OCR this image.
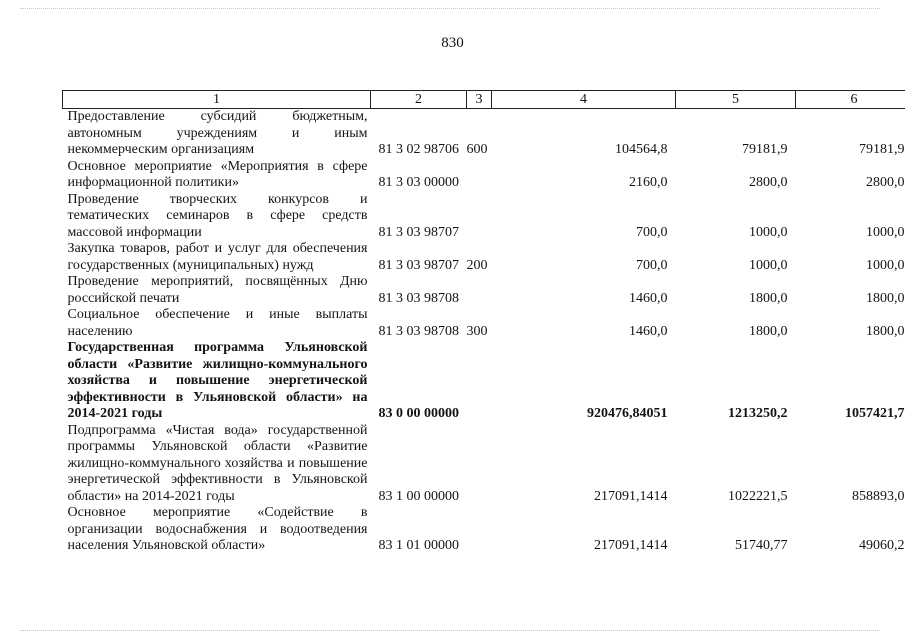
830
1	2	3	4	5	6
Предоставление субсидий бюджетным, автономным учреждениям и иным некоммерческим организациям	81 3 02 98706	600	104564,8	79181,9	79181,9
Основное мероприятие «Мероприятия в сфере информационной политики»	81 3 03 00000		2160,0	2800,0	2800,0
Проведение творческих конкурсов и тематических семинаров в сфере средств массовой информации	81 3 03 98707		700,0	1000,0	1000,0
Закупка товаров, работ и услуг для обеспечения государственных (муниципальных) нужд	81 3 03 98707	200	700,0	1000,0	1000,0
Проведение мероприятий, посвящённых Дню российской печати	81 3 03 98708		1460,0	1800,0	1800,0
Социальное обеспечение и иные выплаты населению	81 3 03 98708	300	1460,0	1800,0	1800,0
Государственная программа Ульяновской области «Развитие жилищно-коммунального хозяйства и повышение энергетической эффективности в Ульяновской области» на 2014-2021 годы	83 0 00 00000		920476,84051	1213250,2	1057421,7
Подпрограмма «Чистая вода» государственной программы Ульяновской области «Развитие жилищно-коммунального хозяйства и повышение энергетической эффективности в Ульяновской области» на 2014-2021 годы	83 1 00 00000		217091,1414	1022221,5	858893,0
Основное мероприятие «Содействие в организации водоснабжения и водоотведения населения Ульяновской области»	83 1 01 00000		217091,1414	51740,77	49060,2
